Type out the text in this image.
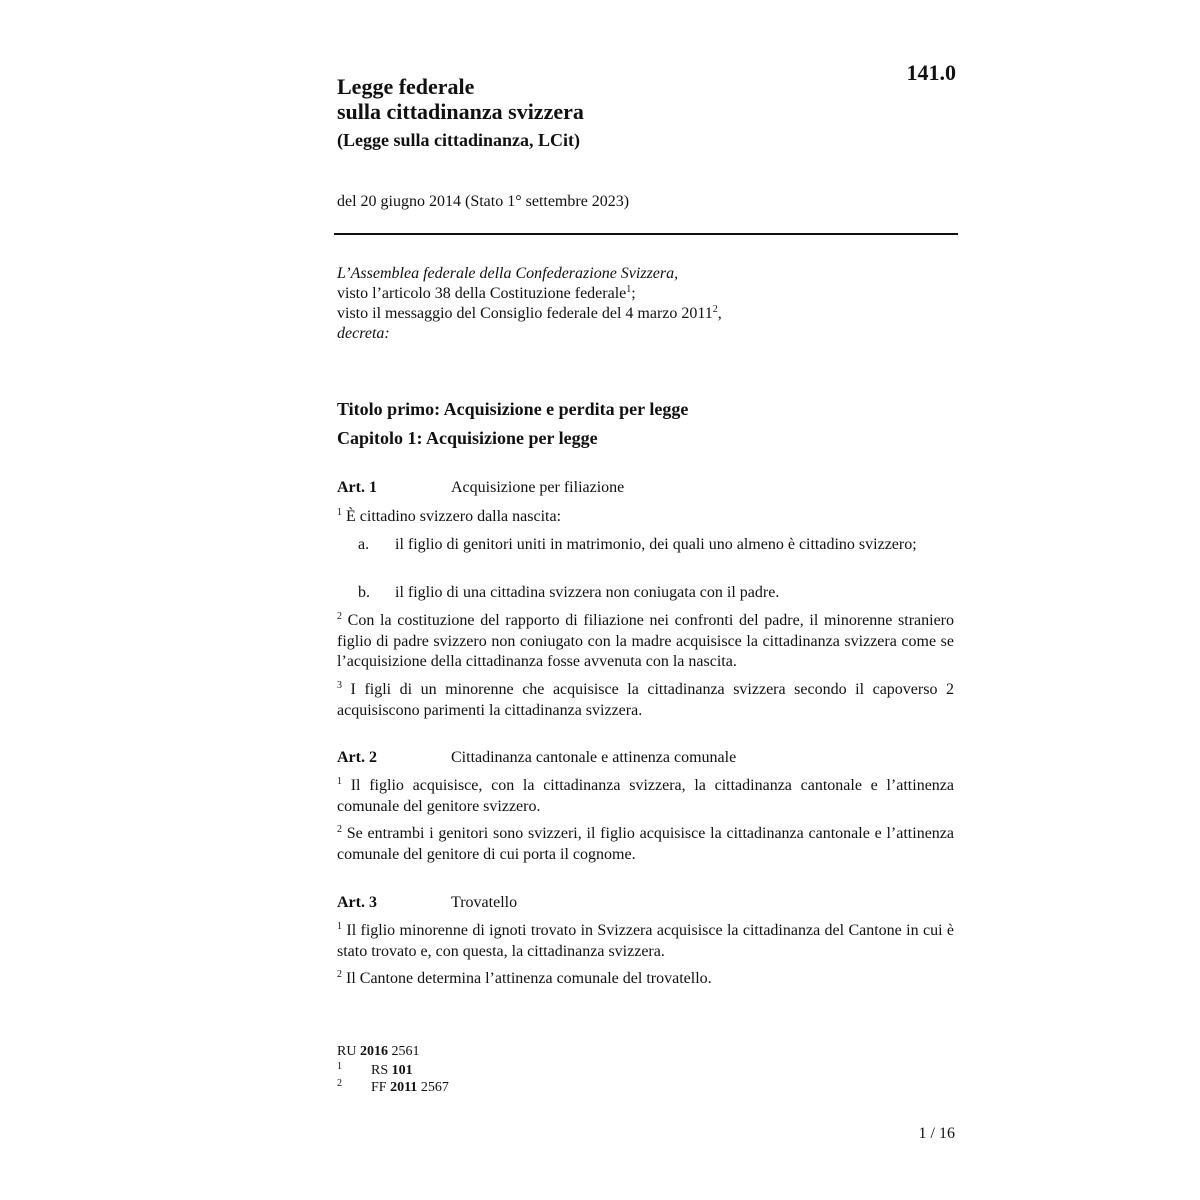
141.0
Legge federale
sulla cittadinanza svizzera
(Legge sulla cittadinanza, LCit)
del 20 giugno 2014 (Stato 1° settembre 2023)
L’Assemblea federale della Confederazione Svizzera,
visto l’articolo 38 della Costituzione federale$^1$;
visto il messaggio del Consiglio federale del 4 marzo 2011$^2$,
decreta:
Titolo primo: Acquisizione e perdita per legge
Capitolo 1: Acquisizione per legge
Art. 1	Acquisizione per filiazione
$^1$ È cittadino svizzero dalla nascita:
a. il figlio di genitori uniti in matrimonio, dei quali uno almeno è cittadino svizzero;
b. il figlio di una cittadina svizzera non coniugata con il padre.
$^2$ Con la costituzione del rapporto di filiazione nei confronti del padre, il minorenne straniero figlio di padre svizzero non coniugato con la madre acquisisce la cittadinanza svizzera come se l’acquisizione della cittadinanza fosse avvenuta con la nascita.
$^3$ I figli di un minorenne che acquisisce la cittadinanza svizzera secondo il capoverso 2 acquisiscono parimenti la cittadinanza svizzera.
Art. 2	Cittadinanza cantonale e attinenza comunale
$^1$ Il figlio acquisisce, con la cittadinanza svizzera, la cittadinanza cantonale e l’attinenza comunale del genitore svizzero.
$^2$ Se entrambi i genitori sono svizzeri, il figlio acquisisce la cittadinanza cantonale e l’attinenza comunale del genitore di cui porta il cognome.
Art. 3	Trovatello
$^1$ Il figlio minorenne di ignoti trovato in Svizzera acquisisce la cittadinanza del Cantone in cui è stato trovato e, con questa, la cittadinanza svizzera.
$^2$ Il Cantone determina l’attinenza comunale del trovatello.
RU 2016 2561
1 RS 101
2 FF 2011 2567
1 / 16
